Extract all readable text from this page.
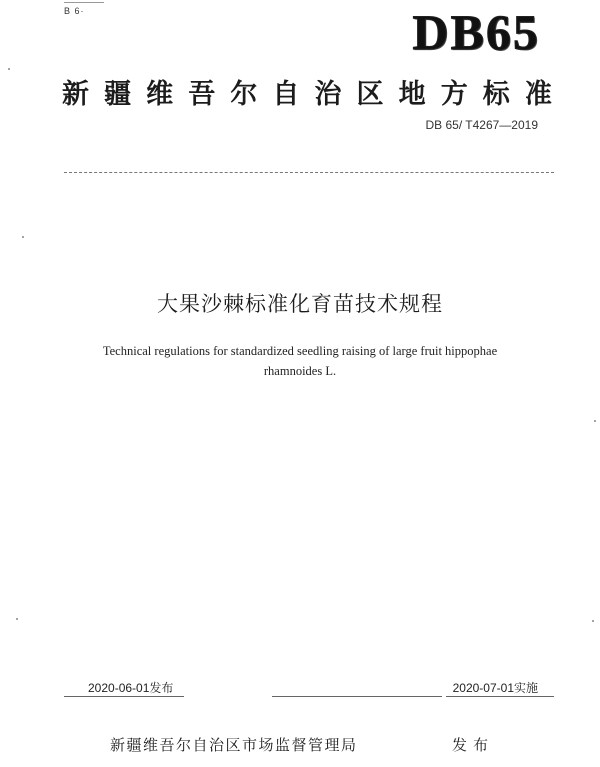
B 6·	DB65
新 疆 维 吾 尔 自 治 区 地 方 标 准
DB 65/ T4267—2019
大果沙棘标准化育苗技术规程
Technical regulations for standardized seedling raising of large fruit hippophae
rhamnoides L.
2020-06-01发布	2020-07-01实施
新疆维吾尔自治区市场监督管理局	发布
